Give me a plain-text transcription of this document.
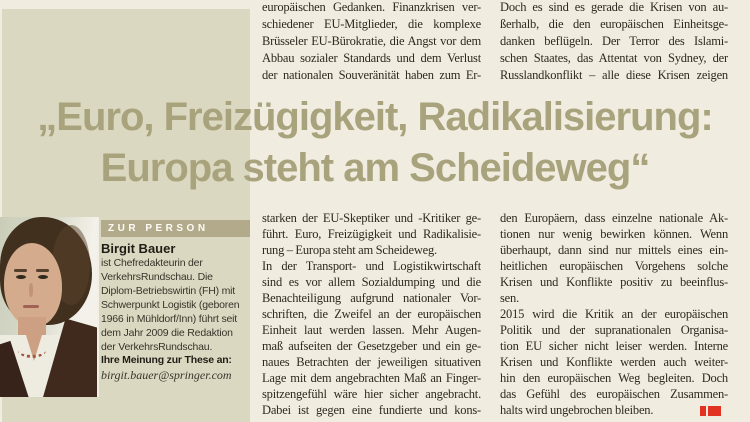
europäischen Gedanken. Finanzkrisen ver-
schiedener EU-Mitglieder, die komplexe
Brüsseler EU-Bürokratie, die Angst vor dem
Abbau sozialer Standards und dem Verlust
der nationalen Souveränität haben zum Er-
Doch es sind es gerade die Krisen von au-
ßerhalb, die den europäischen Einheitsge-
danken beflügeln. Der Terror des Islami-
schen Staates, das Attentat von Sydney, der
Russlandkonflikt – alle diese Krisen zeigen
„Euro, Freizügigkeit, Radikalisierung:
Europa steht am Scheideweg“
starken der EU-Skeptiker und -Kritiker ge-
führt. Euro, Freizügigkeit und Radikalisie-
rung – Europa steht am Scheideweg.
In der Transport- und Logistikwirtschaft
sind es vor allem Sozialdumping und die
Benachteiligung aufgrund nationaler Vor-
schriften, die Zweifel an der europäischen
Einheit laut werden lassen. Mehr Augen-
maß aufseiten der Gesetzgeber und ein ge-
naues Betrachten der jeweiligen situativen
Lage mit dem angebrachten Maß an Finger-
spitzengefühl wäre hier sicher angebracht.
Dabei ist gegen eine fundierte und kons-
den Europäern, dass einzelne nationale Ak-
tionen nur wenig bewirken können. Wenn
überhaupt, dann sind nur mittels eines ein-
heitlichen europäischen Vorgehens solche
Krisen und Konflikte positiv zu beeinflus-
sen.
2015 wird die Kritik an der europäischen
Politik und der supranationalen Organisa-
tion EU sicher nicht leiser werden. Interne
Krisen und Konflikte werden auch weiter-
hin den europäischen Weg begleiten. Doch
das Gefühl des europäischen Zusammen-
halts wird ungebrochen bleiben.
ZUR PERSON
Birgit Bauer
ist Chefredakteurin der
VerkehrsRundschau. Die
Diplom-Betriebswirtin (FH) mit
Schwerpunkt Logistik (geboren
1966 in Mühldorf/Inn) führt seit
dem Jahr 2009 die Redaktion
der VerkehrsRundschau.
Ihre Meinung zur These an:
birgit.bauer@springer.com
